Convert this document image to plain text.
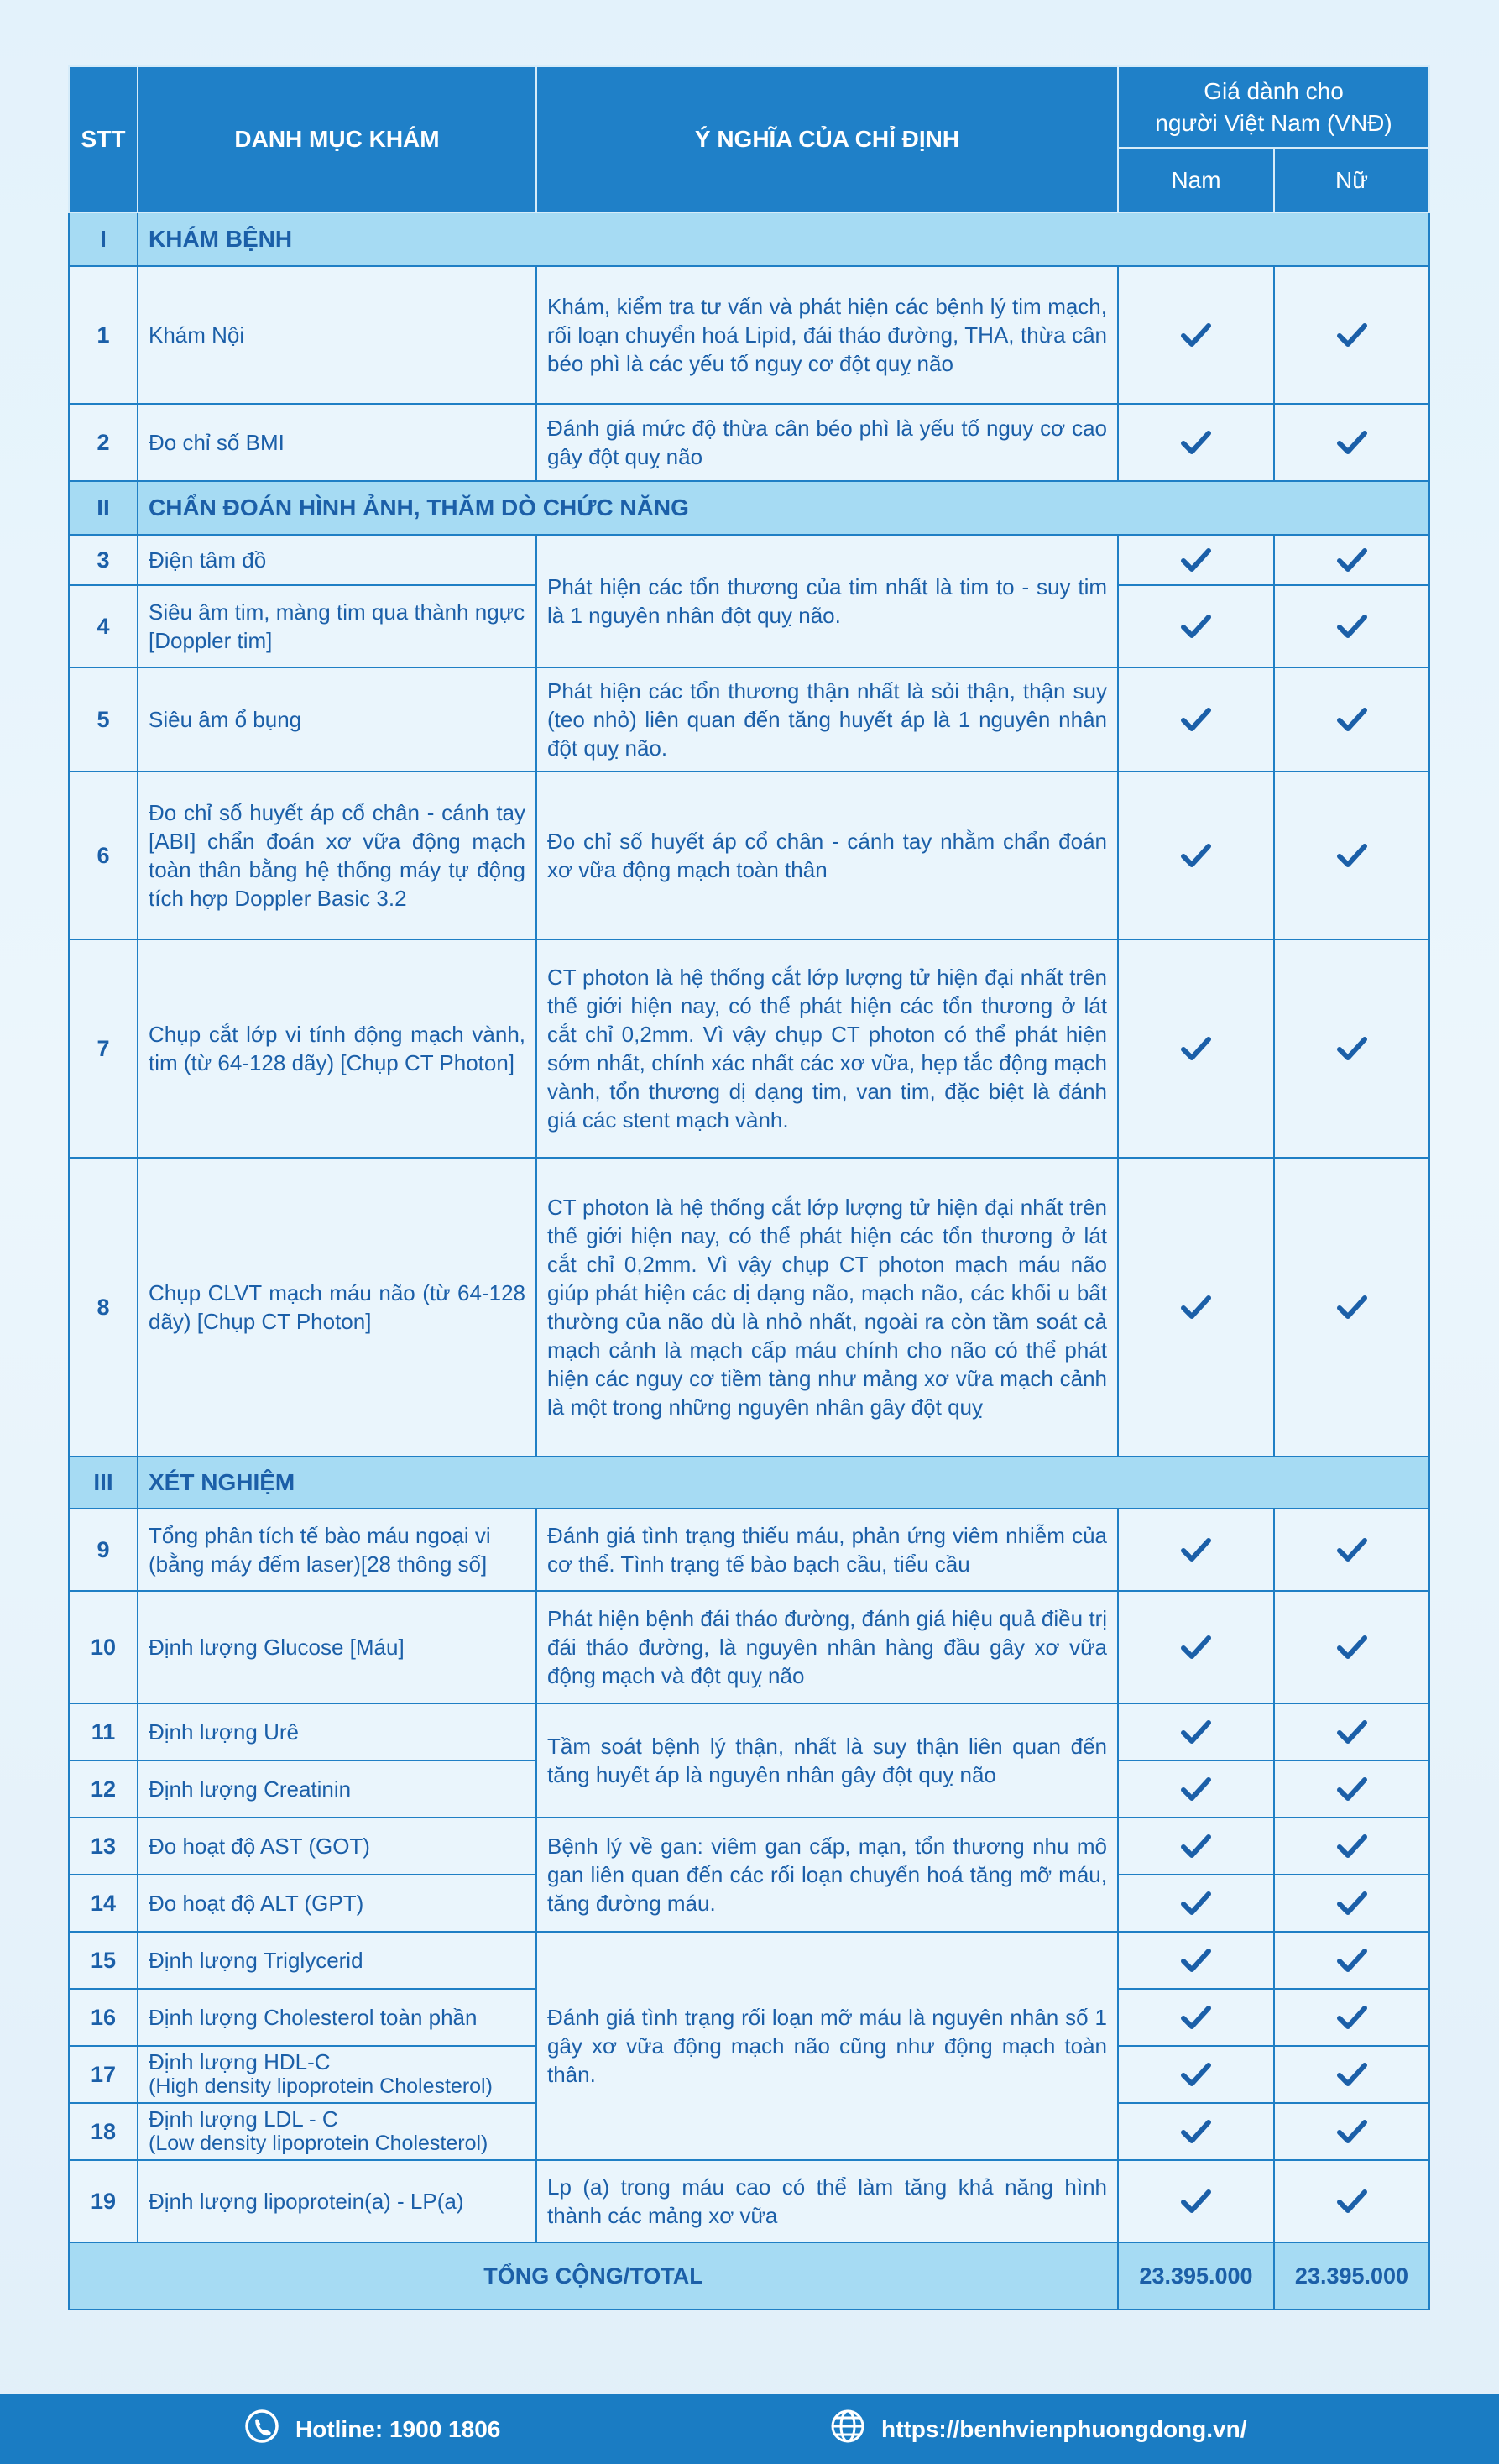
STT	DANH MỤC KHÁM	Ý NGHĨA CỦA CHỈ ĐỊNH	Giá dành cho
người Việt Nam (VNĐ)	

			Nam	Nữ
I	KHÁM BỆNH			
1	Khám Nội	Khám, kiểm tra tư vấn và phát hiện các bệnh lý tim mạch, rối loạn chuyển hoá Lipid, đái tháo đường, THA, thừa cân béo phì là các yếu tố nguy cơ đột quỵ não		
2	Đo chỉ số BMI	Đánh giá mức độ thừa cân béo phì là yếu tố nguy cơ cao gây đột quỵ não		
II	CHẨN ĐOÁN HÌNH ẢNH, THĂM DÒ CHỨC NĂNG			
3	Điện tâm đồ	Phát hiện các tổn thương của tim nhất là tim to - suy tim là 1 nguyên nhân đột quỵ não.		
4	Siêu âm tim, màng tim qua thành ngực [Doppler tim]		
5	Siêu âm ổ bụng	Phát hiện các tổn thương thận nhất là sỏi thận, thận suy (teo nhỏ) liên quan đến tăng huyết áp là 1 nguyên nhân đột quỵ não.		
6	Đo chỉ số huyết áp cổ chân - cánh tay [ABI] chẩn đoán xơ vữa động mạch toàn thân bằng hệ thống máy tự động tích hợp Doppler Basic 3.2	Đo chỉ số huyết áp cổ chân - cánh tay nhằm chẩn đoán xơ vữa động mạch toàn thân		
7	Chụp cắt lớp vi tính động mạch vành, tim (từ 64-128 dãy) [Chụp CT Photon]	CT photon là hệ thống cắt lớp lượng tử hiện đại nhất trên thế giới hiện nay, có thể phát hiện các tổn thương ở lát cắt chỉ 0,2mm. Vì vậy chụp CT photon có thể phát hiện sớm nhất, chính xác nhất các xơ vữa, hẹp tắc động mạch vành, tổn thương dị dạng tim, van tim, đặc biệt là đánh giá các stent mạch vành.		
8	Chụp CLVT mạch máu não (từ 64-128 dãy) [Chụp CT Photon]	CT photon là hệ thống cắt lớp lượng tử hiện đại nhất trên thế giới hiện nay, có thể phát hiện các tổn thương ở lát cắt chỉ 0,2mm. Vì vậy chụp CT photon mạch máu não giúp phát hiện các dị dạng não, mạch não, các khối u bất thường của não dù là nhỏ nhất, ngoài ra còn tầm soát cả mạch cảnh là mạch cấp máu chính cho não có thể phát hiện các nguy cơ tiềm tàng như mảng xơ vữa mạch cảnh là một trong những nguyên nhân gây đột quỵ		
III	XÉT NGHIỆM			
9	Tổng phân tích tế bào máu ngoại vi (bằng máy đếm laser)[28 thông số]	Đánh giá tình trạng thiếu máu, phản ứng viêm nhiễm của cơ thể. Tình trạng tế bào bạch cầu, tiểu cầu		
10	Định lượng Glucose [Máu]	Phát hiện bệnh đái tháo đường, đánh giá hiệu quả điều trị đái tháo đường, là nguyên nhân hàng đầu gây xơ vữa động mạch và đột quỵ não		
11	Định lượng Urê	Tầm soát bệnh lý thận, nhất là suy thận liên quan đến tăng huyết áp là nguyên nhân gây đột quỵ não		
12	Định lượng Creatinin		
13	Đo hoạt độ AST (GOT)	Bệnh lý về gan: viêm gan cấp, mạn, tổn thương nhu mô gan liên quan đến các rối loạn chuyển hoá tăng mỡ máu, tăng đường máu.		
14	Đo hoạt độ ALT (GPT)		
15	Định lượng Triglycerid	Đánh giá tình trạng rối loạn mỡ máu là nguyên nhân số 1 gây xơ vữa động mạch não cũng như động mạch toàn thân.		
16	Định lượng Cholesterol toàn phần		
17	Định lượng HDL-C
(High density lipoprotein Cholesterol)

18	Định lượng LDL - C
(Low density lipoprotein Cholesterol)

19	Định lượng lipoprotein(a) - LP(a)	Lp (a) trong máu cao có thể làm tăng khả năng hình thành các mảng xơ vữa		
TỔNG CỘNG/TOTAL			23.395.000	23.395.000
Hotline: 1900 1806	https://benhvienphuongdong.vn/
